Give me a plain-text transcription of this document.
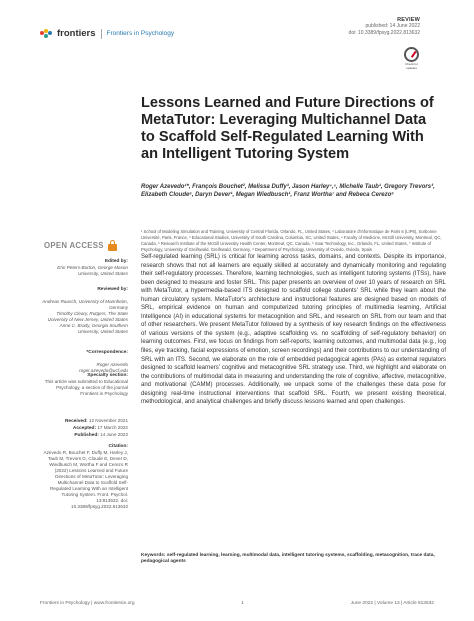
frontiers Frontiers in Psychology
REVIEW
published: 14 June 2022
doi: 10.3389/fpsyg.2022.813632
Check for updates
Lessons Learned and Future Directions of MetaTutor: Leveraging Multichannel Data to Scaffold Self-Regulated Learning With an Intelligent Tutoring System
Roger Azevedo¹*, François Bouchet², Melissa Duffy³, Jason Harley⁴,⁵, Michelle Taub¹, Gregory Trevors³, Elizabeth Cloude⁶, Daryn Dever¹, Megan Wiedbusch¹, Franz Wortha⁷ and Rebeca Cerezo⁸
¹ School of Modeling Simulation and Training, University of Central Florida, Orlando, FL, United States, ² Laboratoire d'Informatique de Paris 6 (LIP6), Sorbonne Université, Paris, France, ³ Educational Studies, University of South Carolina, Columbia, SC, United States, ⁴ Faculty of Medicine, McGill University, Montreal, QC, Canada, ⁵ Research Institute of the McGill University Health Center, Montreal, QC, Canada, ⁶ Soar Technology, Inc., Orlando, FL, United States, ⁷ Institute of Psychology, University of Greifswald, Greifswald, Germany, ⁸ Department of Psychology, University of Oviedo, Oviedo, Spain
OPEN ACCESS
Edited by:
Erin Peters-Burton, George Mason University, United States

Reviewed by:

Andreas Rausch, University of Mannheim, Germany
Timothy Cleary, Rutgers, The State University of New Jersey, United States
Anne C. Brady, Georgia Southern University, United States

*Correspondence:

Roger Azevedo
roger.azevedo@ucf.edu

Specialty section:
This article was submitted to Educational Psychology, a section of the journal Frontiers in Psychology
Received: 12 November 2021
Accepted: 17 March 2022
Published: 14 June 2022
Citation:
Azevedo R, Bouchet F, Duffy M, Harley J, Taub M, Trevors G, Cloude E, Dever D, Wiedbusch M, Wortha F and Cerezo R (2022) Lessons Learned and Future Directions of MetaTutor: Leveraging Multichannel Data to Scaffold Self-Regulated Learning With an Intelligent Tutoring System. Front. Psychol. 13:813632. doi: 10.3389/fpsyg.2022.813632
Self-regulated learning (SRL) is critical for learning across tasks, domains, and contexts. Despite its importance, research shows that not all learners are equally skilled at accurately and dynamically monitoring and regulating their self-regulatory processes. Therefore, learning technologies, such as intelligent tutoring systems (ITSs), have been designed to measure and foster SRL. This paper presents an overview of over 10 years of research on SRL with MetaTutor, a hypermedia-based ITS designed to scaffold college students' SRL while they learn about the human circulatory system. MetaTutor's architecture and instructional features are designed based on models of SRL, empirical evidence on human and computerized tutoring principles of multimedia learning, Artificial Intelligence (AI) in educational systems for metacognition and SRL, and research on SRL from our team and that of other researchers. We present MetaTutor followed by a synthesis of key research findings on the effectiveness of various versions of the system (e.g., adaptive scaffolding vs. no scaffolding of self-regulatory behavior) on learning outcomes. First, we focus on findings from self-reports, learning outcomes, and multimodal data (e.g., log files, eye tracking, facial expressions of emotion, screen recordings) and their contributions to our understanding of SRL with an ITS. Second, we elaborate on the role of embedded pedagogical agents (PAs) as external regulators designed to scaffold learners' cognitive and metacognitive SRL strategy use. Third, we highlight and elaborate on the contributions of multimodal data in measuring and understanding the role of cognitive, affective, metacognitive, and motivational (CAMM) processes. Additionally, we unpack some of the challenges these data pose for designing real-time instructional interventions that scaffold SRL. Fourth, we present existing theoretical, methodological, and analytical challenges and briefly discuss lessons learned and open challenges.
Keywords: self-regulated learning, learning, multimodal data, intelligent tutoring systems, scaffolding, metacognition, trace data, pedagogical agents
Frontiers in Psychology | www.frontiersin.org	1	June 2022 | Volume 13 | Article 813632
